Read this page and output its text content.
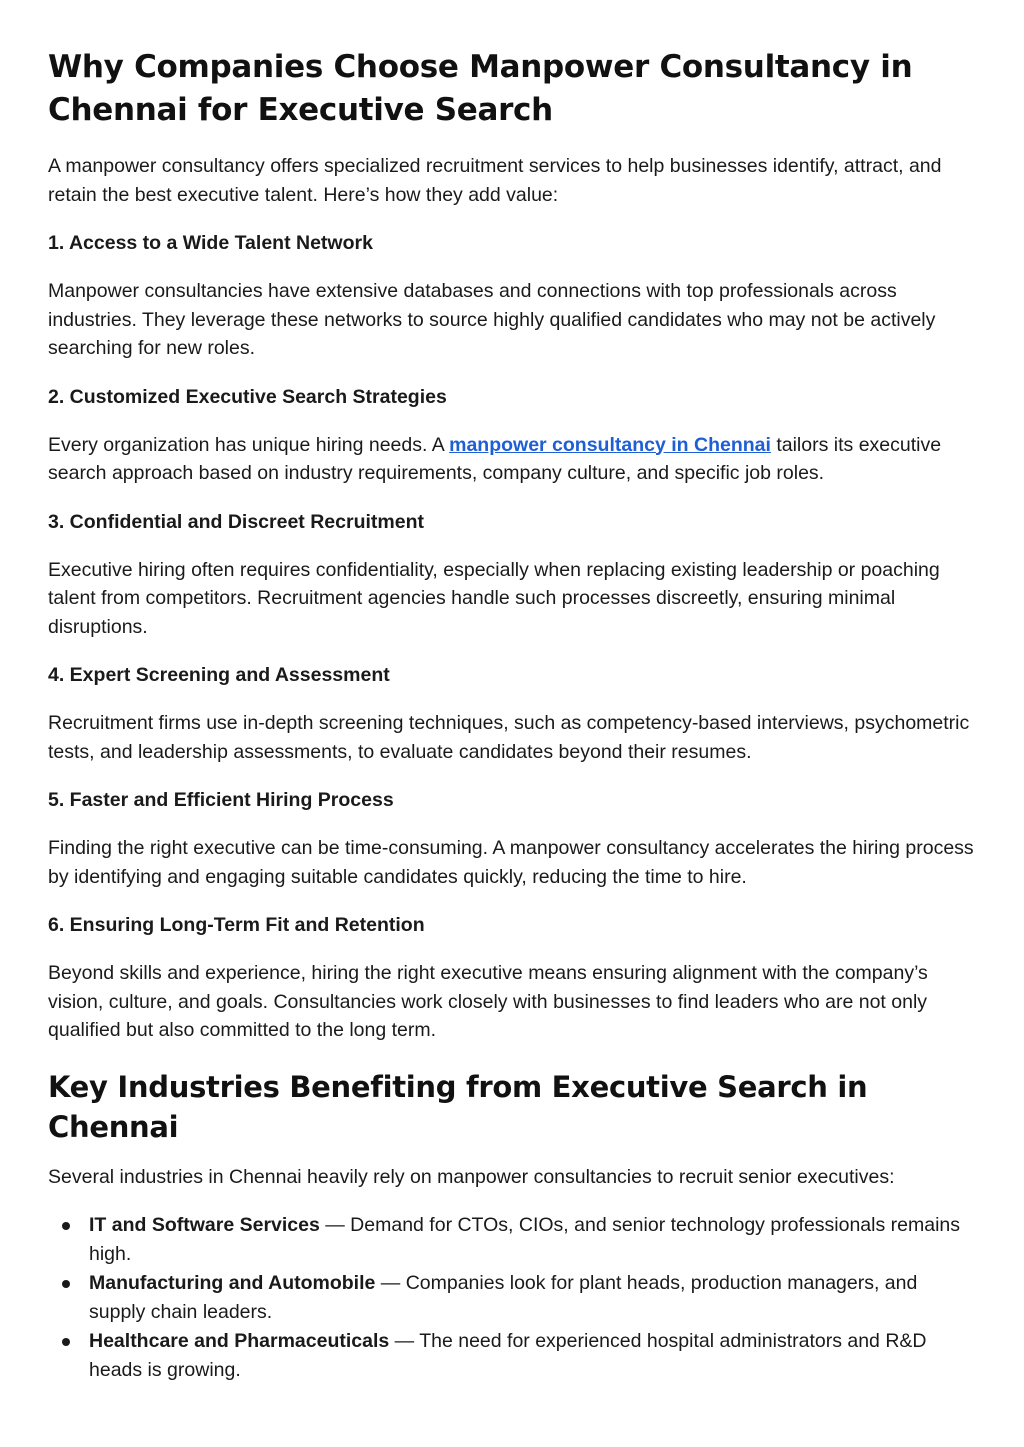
Why Companies Choose Manpower Consultancy in Chennai for Executive Search

A manpower consultancy offers specialized recruitment services to help businesses identify, attract, and retain the best executive talent. Here’s how they add value:

1. Access to a Wide Talent Network

Manpower consultancies have extensive databases and connections with top professionals across industries. They leverage these networks to source highly qualified candidates who may not be actively searching for new roles.

2. Customized Executive Search Strategies

Every organization has unique hiring needs. A manpower consultancy in Chennai tailors its executive search approach based on industry requirements, company culture, and specific job roles.

3. Confidential and Discreet Recruitment

Executive hiring often requires confidentiality, especially when replacing existing leadership or poaching talent from competitors. Recruitment agencies handle such processes discreetly, ensuring minimal disruptions.

4. Expert Screening and Assessment

Recruitment firms use in-depth screening techniques, such as competency-based interviews, psychometric tests, and leadership assessments, to evaluate candidates beyond their resumes.

5. Faster and Efficient Hiring Process

Finding the right executive can be time-consuming. A manpower consultancy accelerates the hiring process by identifying and engaging suitable candidates quickly, reducing the time to hire.

6. Ensuring Long-Term Fit and Retention

Beyond skills and experience, hiring the right executive means ensuring alignment with the company’s vision, culture, and goals. Consultancies work closely with businesses to find leaders who are not only qualified but also committed to the long term.

Key Industries Benefiting from Executive Search in Chennai

Several industries in Chennai heavily rely on manpower consultancies to recruit senior executives:

IT and Software Services — Demand for CTOs, CIOs, and senior technology professionals remains high.
Manufacturing and Automobile — Companies look for plant heads, production managers, and supply chain leaders.
Healthcare and Pharmaceuticals — The need for experienced hospital administrators and R&D heads is growing.
